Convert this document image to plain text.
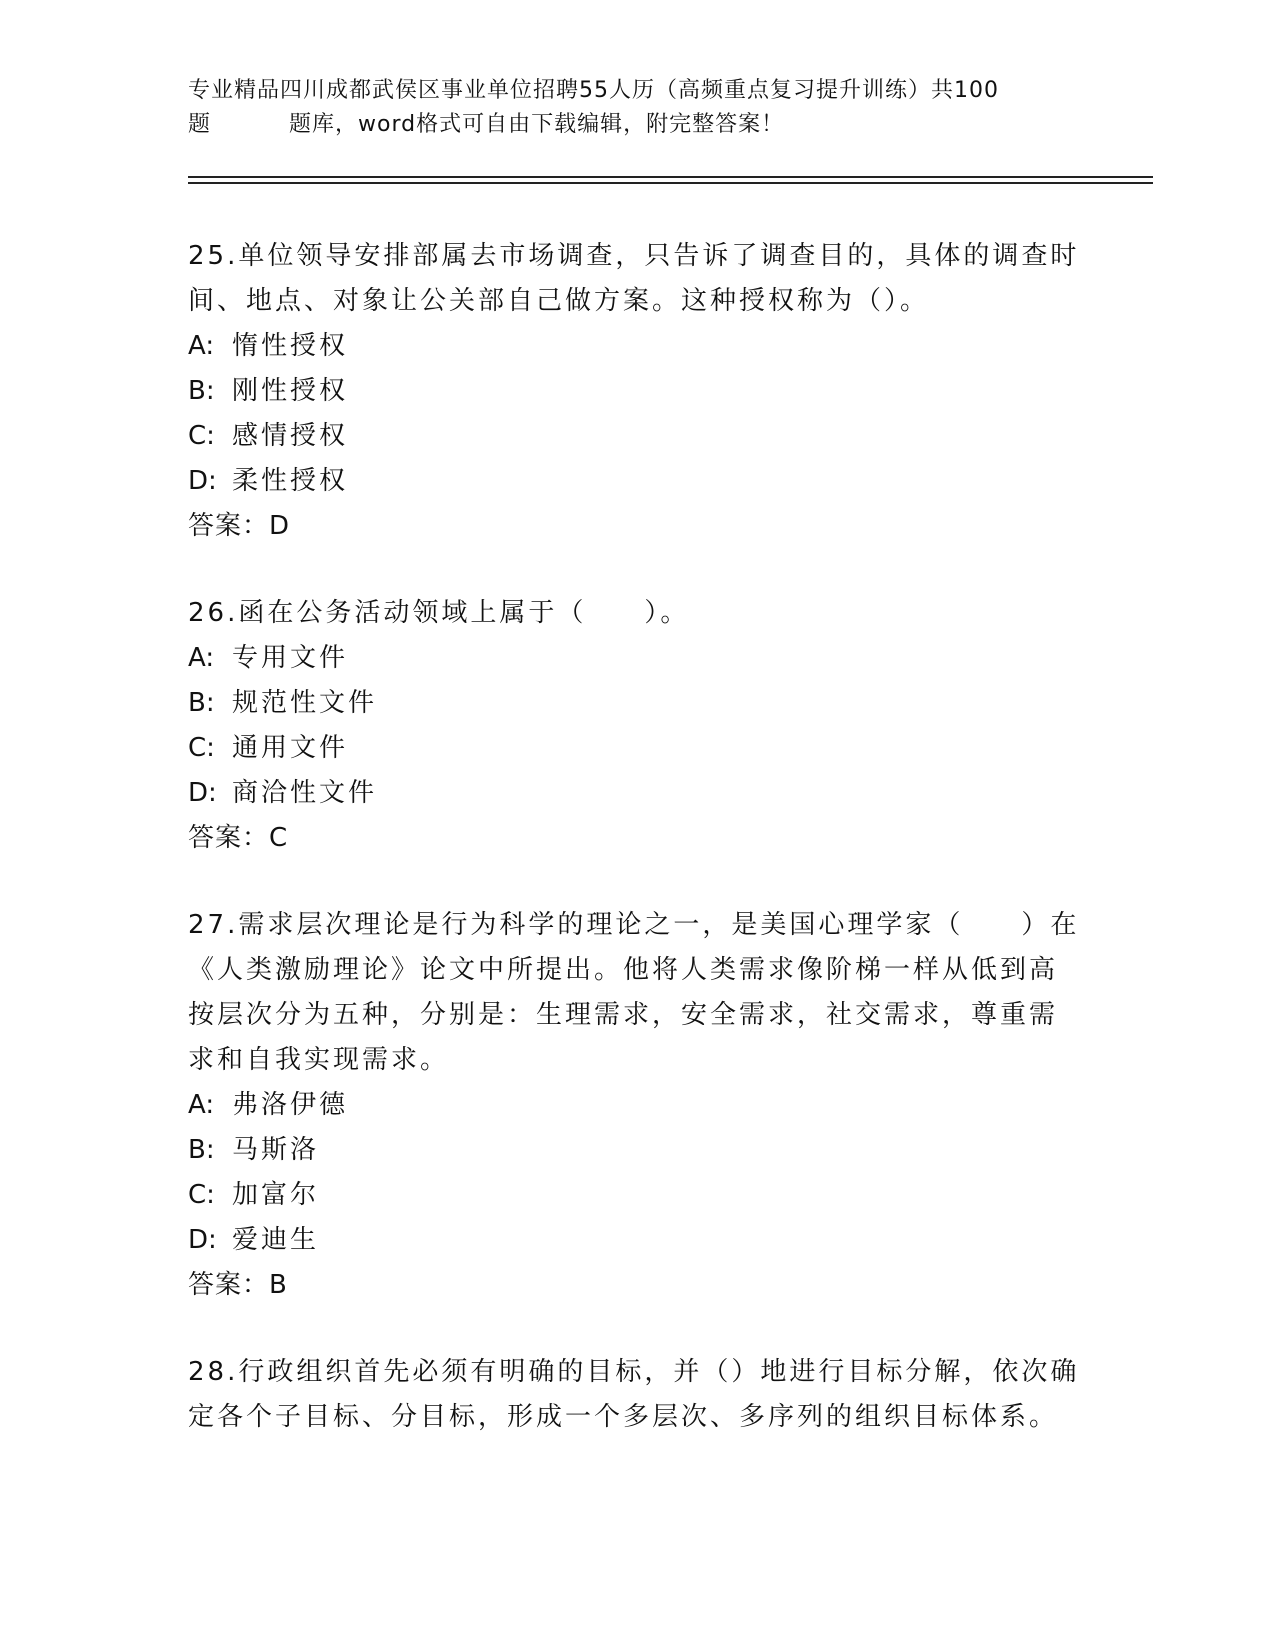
专业精品四川成都武侯区事业单位招聘55人历（高频重点复习提升训练）共100
题	题库，word格式可自由下载编辑，附完整答案！

25.单位领导安排部属去市场调查，只告诉了调查目的，具体的调查时

间、地点、对象让公关部自己做方案。这种授权称为（）。

A: 惰性授权

B: 刚性授权

C: 感情授权

D: 柔性授权

答案：D

26.函在公务活动领域上属于（　　）。

A: 专用文件

B: 规范性文件

C: 通用文件

D: 商洽性文件

答案：C

27.需求层次理论是行为科学的理论之一，是美国心理学家（　　）在

《人类激励理论》论文中所提出。他将人类需求像阶梯一样从低到高

按层次分为五种，分别是：生理需求，安全需求，社交需求，尊重需

求和自我实现需求。

A: 弗洛伊德

B: 马斯洛

C: 加富尔

D: 爱迪生

答案：B

28.行政组织首先必须有明确的目标，并（）地进行目标分解，依次确

定各个子目标、分目标，形成一个多层次、多序列的组织目标体系。
